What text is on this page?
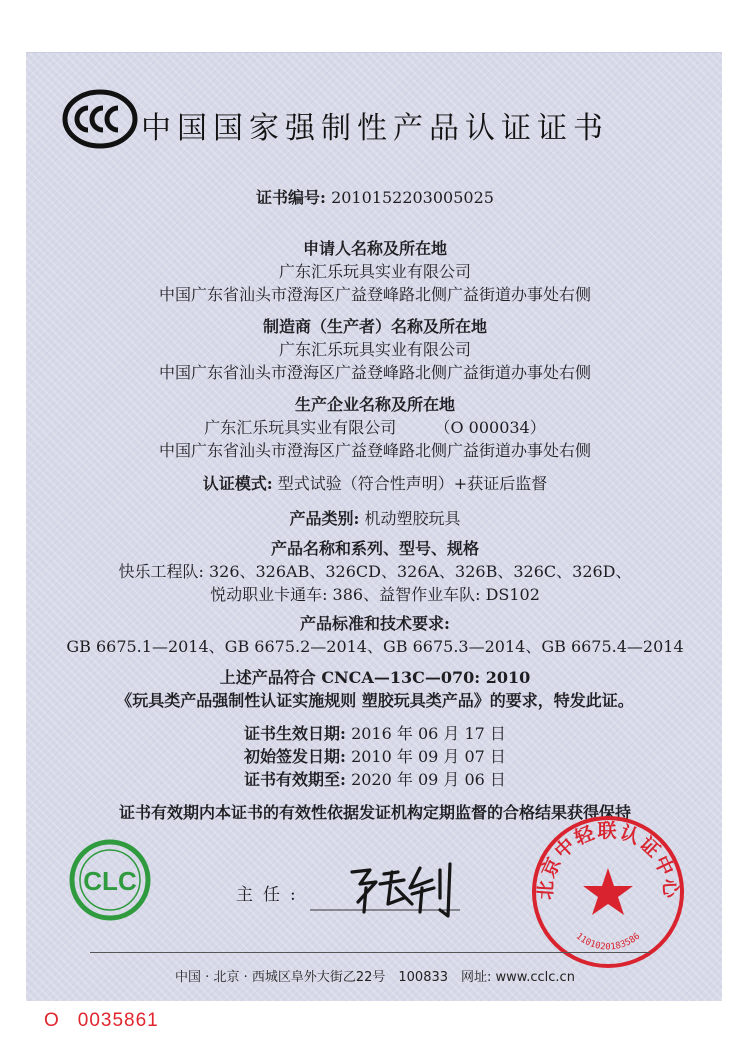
中国国家强制性产品认证证书
证书编号: 2010152203005025
申请人名称及所在地
广东汇乐玩具实业有限公司
中国广东省汕头市澄海区广益登峰路北侧广益街道办事处右侧
制造商（生产者）名称及所在地
广东汇乐玩具实业有限公司
中国广东省汕头市澄海区广益登峰路北侧广益街道办事处右侧
生产企业名称及所在地
广东汇乐玩具实业有限公司 （O 000034）
中国广东省汕头市澄海区广益登峰路北侧广益街道办事处右侧
认证模式: 型式试验（符合性声明）+获证后监督
产品类别: 机动塑胶玩具
产品名称和系列、型号、规格
快乐工程队: 326、326AB、326CD、326A、326B、326C、326D、
悦动职业卡通车: 386、益智作业车队: DS102
产品标准和技术要求:
GB 6675.1—2014、GB 6675.2—2014、GB 6675.3—2014、GB 6675.4—2014
上述产品符合 CNCA—13C—070: 2010
《玩具类产品强制性认证实施规则 塑胶玩具类产品》的要求，特发此证。
证书生效日期: 2016 年 06 月 17 日
初始签发日期: 2010 年 09 月 07 日
证书有效期至: 2020 年 09 月 06 日
证书有效期内本证书的有效性依据发证机构定期监督的合格结果获得保持
CLC	主任:	北京中轻联认证中心
1101020183586
中国 · 北京 · 西城区阜外大街乙22号　100833　网址: www.cclc.cn
O 0035861
